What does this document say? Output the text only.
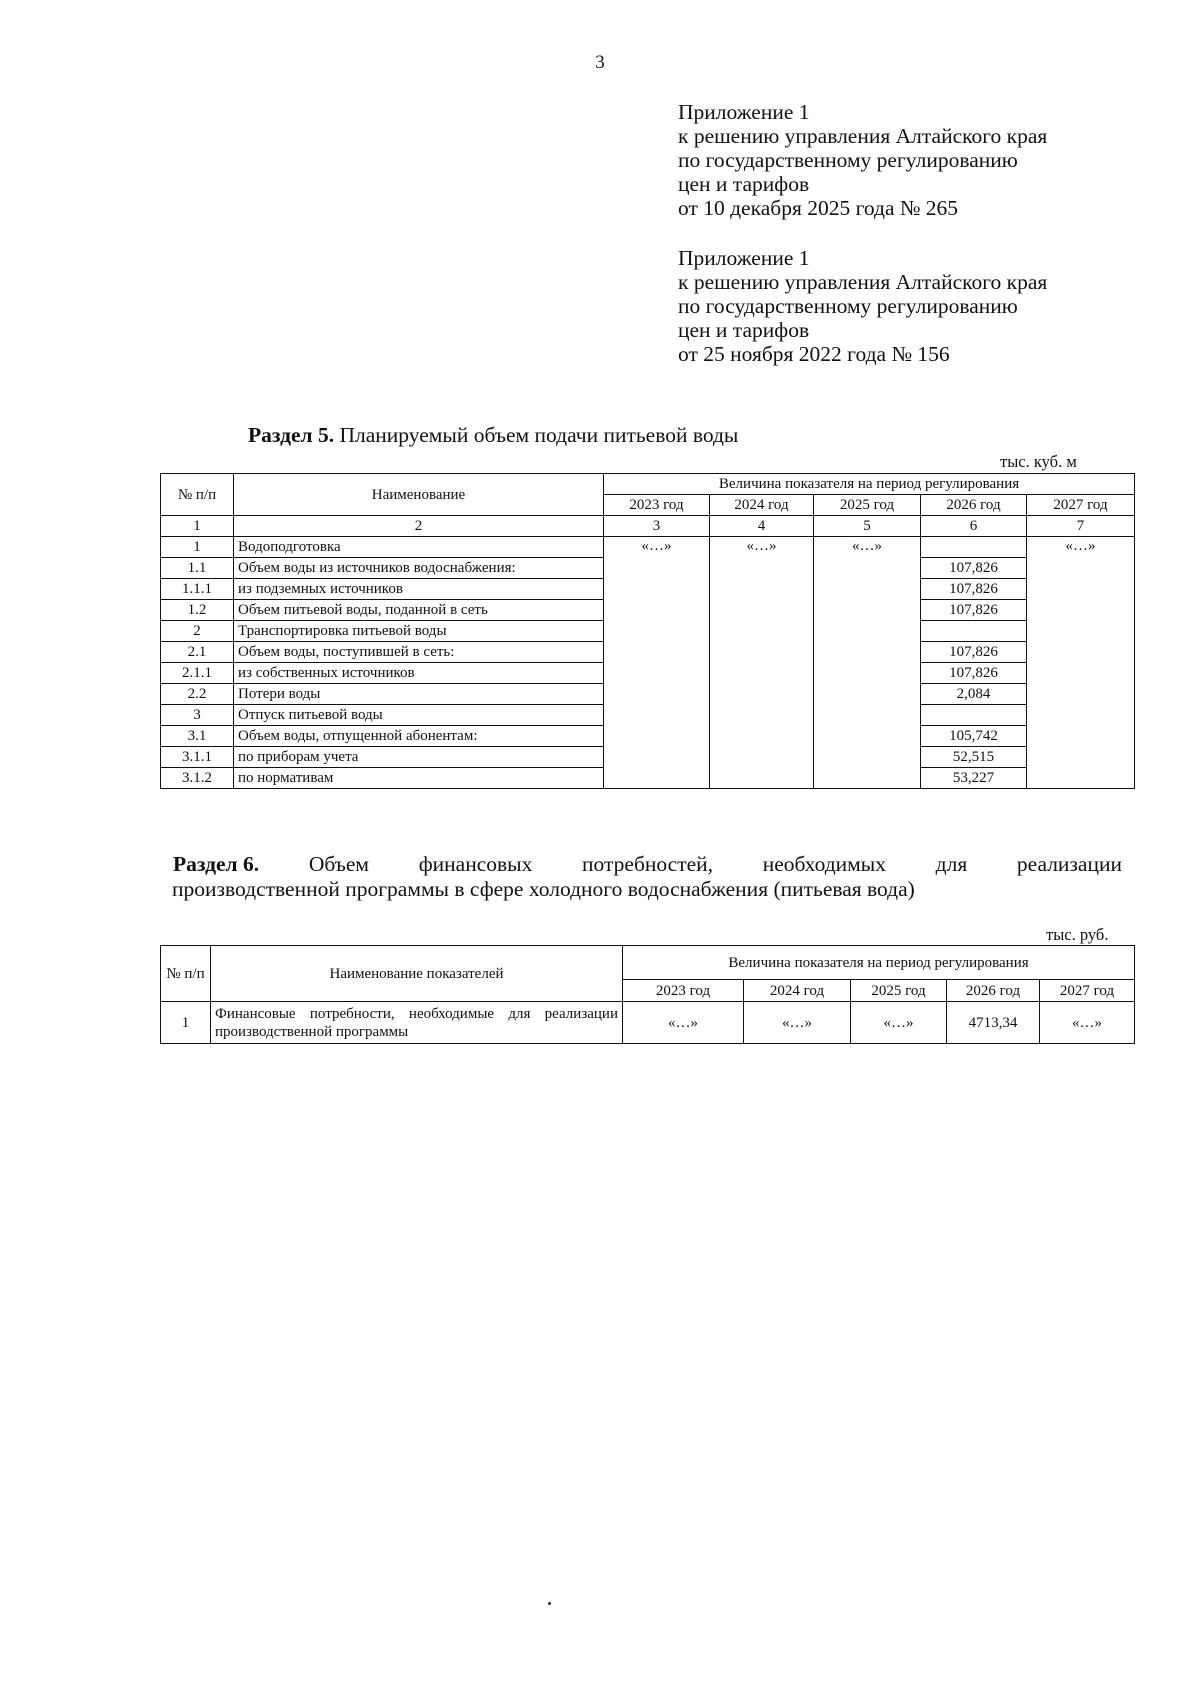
3
Приложение 1
к решению управления Алтайского края
по государственному регулированию
цен и тарифов
от 10 декабря 2025 года № 265
Приложение 1
к решению управления Алтайского края
по государственному регулированию
цен и тарифов
от 25 ноября 2022 года № 156
Раздел 5. Планируемый объем подачи питьевой воды
тыс. куб. м
№ п/п	Наименование	Величина показателя на период регулирования				
		2023 год	2024 год	2025 год	2026 год	2027 год
1	2	3	4	5	6	7
1	Водоподготовка	«…»	«…»	«…»		«…»
1.1	Объем воды из источников водоснабжения:				107,826	
1.1.1	из подземных источников				107,826	
1.2	Объем питьевой воды, поданной в сеть				107,826	
2	Транспортировка питьевой воды					
2.1	Объем воды, поступившей в сеть:				107,826	
2.1.1	из собственных источников				107,826	
2.2	Потери воды				2,084	
3	Отпуск питьевой воды					
3.1	Объем воды, отпущенной абонентам:				105,742	
3.1.1	по приборам учета				52,515	
3.1.2	по нормативам				53,227	
Раздел 6. Объем финансовых потребностей, необходимых для реализации
производственной программы в сфере холодного водоснабжения (питьевая вода)
тыс. руб.
№ п/п	Наименование показателей	Величина показателя на период регулирования				
		2023 год	2024 год	2025 год	2026 год	2027 год
1	Финансовые потребности, необходимые для реализации производственной программы	«…»	«…»	«…»	4713,34	«…»
